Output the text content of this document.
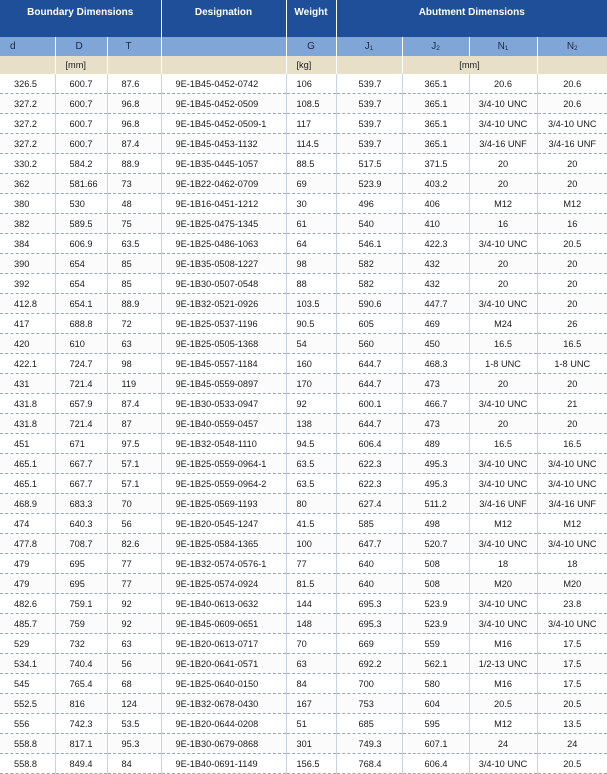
Boundary Dimensions			Designation	Weight	Abutment Dimensions			
d	D	T		G	$J_1$	$J_2$	$N_1$	$N_2$
	[mm]			[kg]		[mm]		
326.5	600.7	87.6	9E-1B45-0452-0742	106	539.7	365.1	20.6	20.6
327.2	600.7	96.8	9E-1B45-0452-0509	108.5	539.7	365.1	3/4-10 UNC	20.6
327.2	600.7	96.8	9E-1B45-0452-0509-1	117	539.7	365.1	3/4-10 UNC	3/4-10 UNC
327.2	600.7	87.4	9E-1B45-0453-1132	114.5	539.7	365.1	3/4-16 UNF	3/4-16 UNF
330.2	584.2	88.9	9E-1B35-0445-1057	88.5	517.5	371.5	20	20
362	581.66	73	9E-1B22-0462-0709	69	523.9	403.2	20	20
380	530	48	9E-1B16-0451-1212	30	496	406	M12	M12
382	589.5	75	9E-1B25-0475-1345	61	540	410	16	16
384	606.9	63.5	9E-1B25-0486-1063	64	546.1	422.3	3/4-10 UNC	20.5
390	654	85	9E-1B35-0508-1227	98	582	432	20	20
392	654	85	9E-1B30-0507-0548	88	582	432	20	20
412.8	654.1	88.9	9E-1B32-0521-0926	103.5	590.6	447.7	3/4-10 UNC	20
417	688.8	72	9E-1B25-0537-1196	90.5	605	469	M24	26
420	610	63	9E-1B25-0505-1368	54	560	450	16.5	16.5
422.1	724.7	98	9E-1B45-0557-1184	160	644.7	468.3	1-8 UNC	1-8 UNC
431	721.4	119	9E-1B45-0559-0897	170	644.7	473	20	20
431.8	657.9	87.4	9E-1B30-0533-0947	92	600.1	466.7	3/4-10 UNC	21
431.8	721.4	87	9E-1B40-0559-0457	138	644.7	473	20	20
451	671	97.5	9E-1B32-0548-1110	94.5	606.4	489	16.5	16.5
465.1	667.7	57.1	9E-1B25-0559-0964-1	63.5	622.3	495.3	3/4-10 UNC	3/4-10 UNC
465.1	667.7	57.1	9E-1B25-0559-0964-2	63.5	622.3	495.3	3/4-10 UNC	3/4-10 UNC
468.9	683.3	70	9E-1B25-0569-1193	80	627.4	511.2	3/4-16 UNF	3/4-16 UNF
474	640.3	56	9E-1B20-0545-1247	41.5	585	498	M12	M12
477.8	708.7	82.6	9E-1B25-0584-1365	100	647.7	520.7	3/4-10 UNC	3/4-10 UNC
479	695	77	9E-1B32-0574-0576-1	77	640	508	18	18
479	695	77	9E-1B25-0574-0924	81.5	640	508	M20	M20
482.6	759.1	92	9E-1B40-0613-0632	144	695.3	523.9	3/4-10 UNC	23.8
485.7	759	92	9E-1B45-0609-0651	148	695.3	523.9	3/4-10 UNC	3/4-10 UNC
529	732	63	9E-1B20-0613-0717	70	669	559	M16	17.5
534.1	740.4	56	9E-1B20-0641-0571	63	692.2	562.1	1/2-13 UNC	17.5
545	765.4	68	9E-1B25-0640-0150	84	700	580	M16	17.5
552.5	816	124	9E-1B32-0678-0430	167	753	604	20.5	20.5
556	742.3	53.5	9E-1B20-0644-0208	51	685	595	M12	13.5
558.8	817.1	95.3	9E-1B30-0679-0868	301	749.3	607.1	24	24
558.8	849.4	84	9E-1B40-0691-1149	156.5	768.4	606.4	3/4-10 UNC	20.5
